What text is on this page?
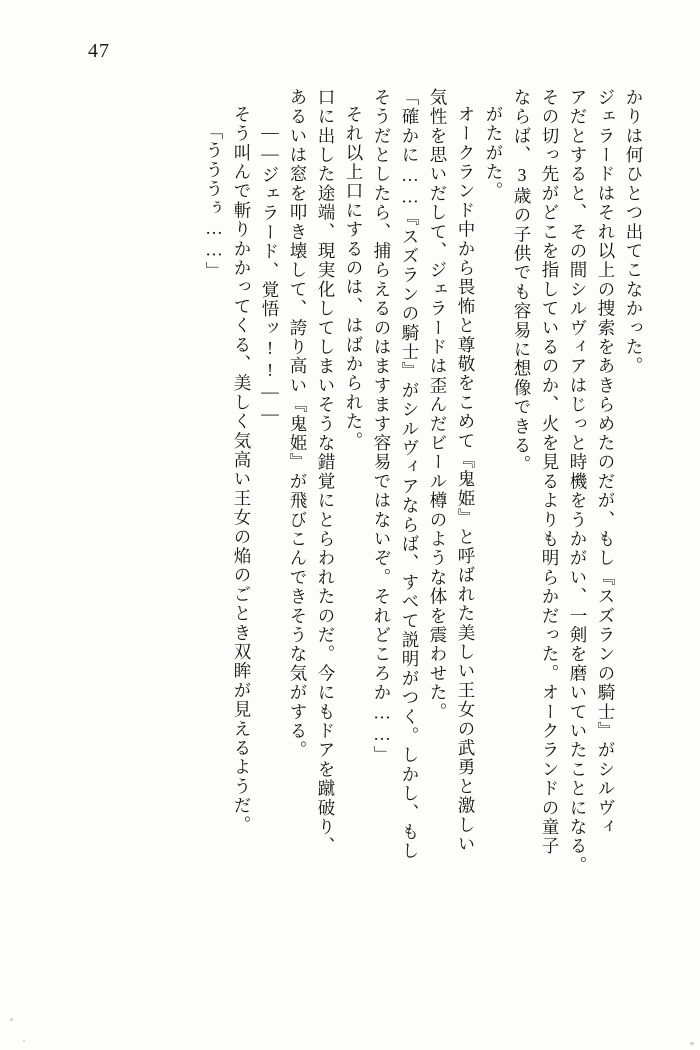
47
かりは何ひとつ出てこなかった。
ジェラードはそれ以上の捜索をあきらめたのだが、もし『スズランの騎士』がシルヴィ
アだとすると、その間シルヴィアはじっと時機をうかがい、一剣を磨いていたことになる。
その切っ先がどこを指しているのか、火を見るよりも明らかだった。オークランドの童子
ならば、3歳の子供でも容易に想像できる。
がたがた。
オークランド中から畏怖と尊敬をこめて『鬼姫』と呼ばれた美しい王女の武勇と激しい
気性を思いだして、ジェラードは歪んだビール樽のような体を震わせた。
「確かに……『スズランの騎士』がシルヴィアならば、すべて説明がつく。しかし、もし
そうだとしたら、捕らえるのはますます容易ではないぞ。それどころか……」
それ以上口にするのは、はばかられた。
口に出した途端、現実化してしまいそうな錯覚にとらわれたのだ。今にもドアを蹴破り、
あるいは窓を叩き壊して、誇り高い『鬼姫』が飛びこんできそうな気がする。
――ジェラード、覚悟ッ!!――
そう叫んで斬りかかってくる、美しく気高い王女の焔のごとき双眸が見えるようだ。
「うううぅ……」
